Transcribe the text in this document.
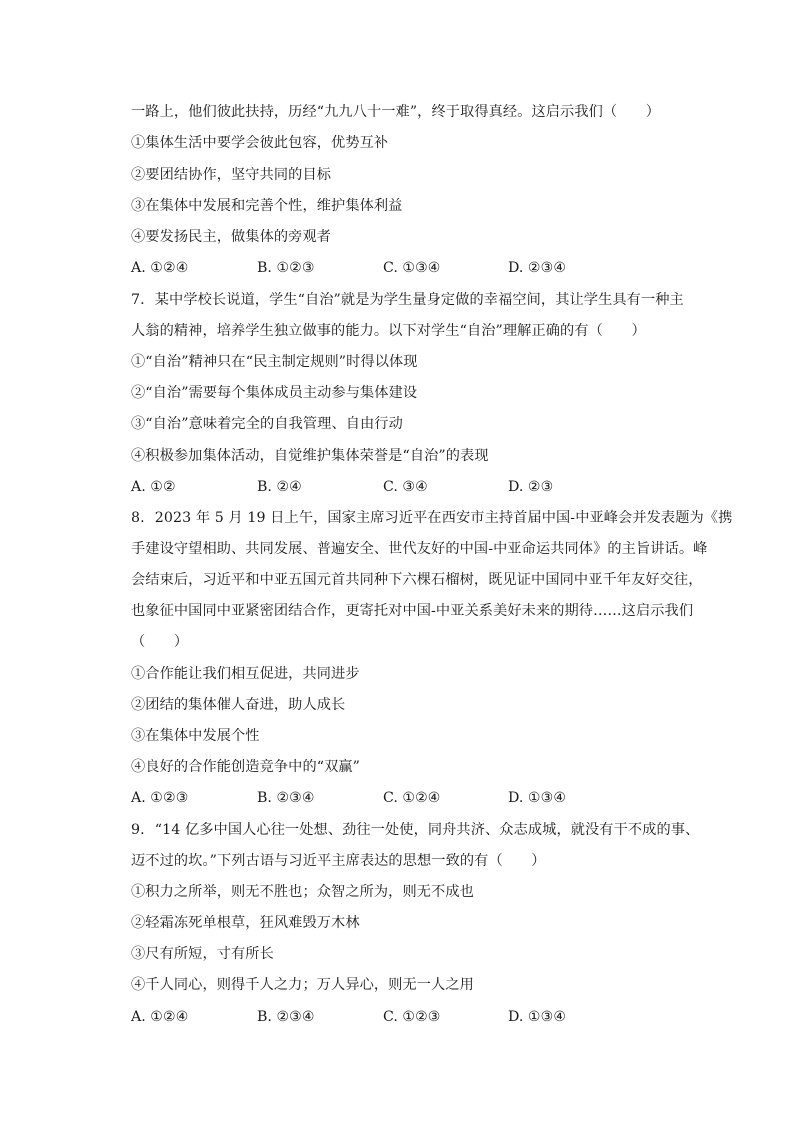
一路上，他们彼此扶持，历经“九九八十一难”，终于取得真经。这启示我们（　　）
①集体生活中要学会彼此包容，优势互补
②要团结协作，坚守共同的目标
③在集体中发展和完善个性，维护集体利益
④要发扬民主，做集体的旁观者
A. ①②④	B. ①②③	C. ①③④	D. ②③④
7. 某中学校长说道，学生“自治”就是为学生量身定做的幸福空间，其让学生具有一种主
人翁的精神，培养学生独立做事的能力。以下对学生“自治”理解正确的有（　　）
①“自治”精神只在“民主制定规则”时得以体现
②“自治”需要每个集体成员主动参与集体建设
③“自治”意味着完全的自我管理、自由行动
④积极参加集体活动，自觉维护集体荣誉是“自治”的表现
A. ①②	B. ②④	C. ③④	D. ②③
8. 2023 年 5 月 19 日上午，国家主席习近平在西安市主持首届中国-中亚峰会并发表题为《携
手建设守望相助、共同发展、普遍安全、世代友好的中国-中亚命运共同体》的主旨讲话。峰
会结束后，习近平和中亚五国元首共同种下六棵石榴树，既见证中国同中亚千年友好交往，
也象征中国同中亚紧密团结合作，更寄托对中国-中亚关系美好未来的期待……这启示我们
（　　）
①合作能让我们相互促进，共同进步
②团结的集体催人奋进，助人成长
③在集体中发展个性
④良好的合作能创造竞争中的“双赢”
A. ①②③	B. ②③④	C. ①②④	D. ①③④
9. “14 亿多中国人心往一处想、劲往一处使，同舟共济、众志成城，就没有干不成的事、
迈不过的坎。”下列古语与习近平主席表达的思想一致的有（　　）
①积力之所举，则无不胜也；众智之所为，则无不成也
②轻霜冻死单根草，狂风难毁万木林
③尺有所短，寸有所长
④千人同心，则得千人之力；万人异心，则无一人之用
A. ①②④	B. ②③④	C. ①②③	D. ①③④
